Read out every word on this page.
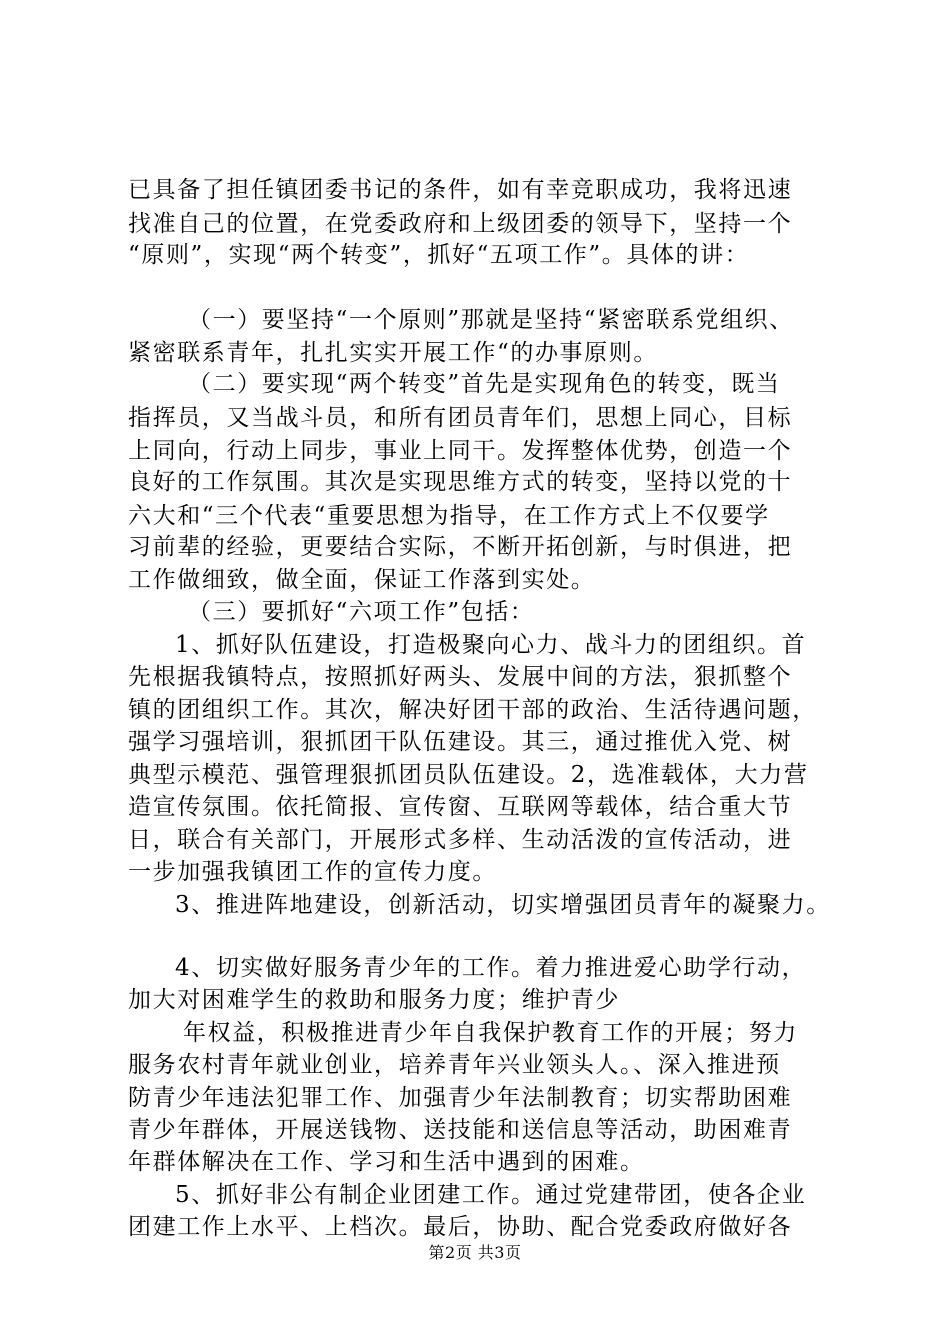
已具备了担任镇团委书记的条件，如有幸竞职成功，我将迅速
找准自己的位置，在党委政府和上级团委的领导下，坚持一个
“原则”，实现“两个转变”，抓好“五项工作”。具体的讲：
（一）要坚持“一个原则”那就是坚持“紧密联系党组织、
紧密联系青年，扎扎实实开展工作“的办事原则。
（二）要实现“两个转变”首先是实现角色的转变，既当
指挥员，又当战斗员，和所有团员青年们，思想上同心，目标
上同向，行动上同步，事业上同干。发挥整体优势，创造一个
良好的工作氛围。其次是实现思维方式的转变，坚持以党的十
六大和“三个代表“重要思想为指导，在工作方式上不仅要学
习前辈的经验，更要结合实际，不断开拓创新，与时俱进，把
工作做细致，做全面，保证工作落到实处。
（三）要抓好“六项工作”包括：
1、抓好队伍建设，打造极聚向心力、战斗力的团组织。首
先根据我镇特点，按照抓好两头、发展中间的方法，狠抓整个
镇的团组织工作。其次，解决好团干部的政治、生活待遇问题，
强学习强培训，狠抓团干队伍建设。其三，通过推优入党、树
典型示模范、强管理狠抓团员队伍建设。2，选准载体，大力营
造宣传氛围。依托简报、宣传窗、互联网等载体，结合重大节
日，联合有关部门，开展形式多样、生动活泼的宣传活动，进
一步加强我镇团工作的宣传力度。
3、推进阵地建设，创新活动，切实增强团员青年的凝聚力。
4、切实做好服务青少年的工作。着力推进爱心助学行动，
加大对困难学生的救助和服务力度；维护青少
年权益，积极推进青少年自我保护教育工作的开展；努力
服务农村青年就业创业，培养青年兴业领头人。、深入推进预
防青少年违法犯罪工作、加强青少年法制教育；切实帮助困难
青少年群体，开展送钱物、送技能和送信息等活动，助困难青
年群体解决在工作、学习和生活中遇到的困难。
5、抓好非公有制企业团建工作。通过党建带团，使各企业
团建工作上水平、上档次。最后，协助、配合党委政府做好各
第2页 共3页
